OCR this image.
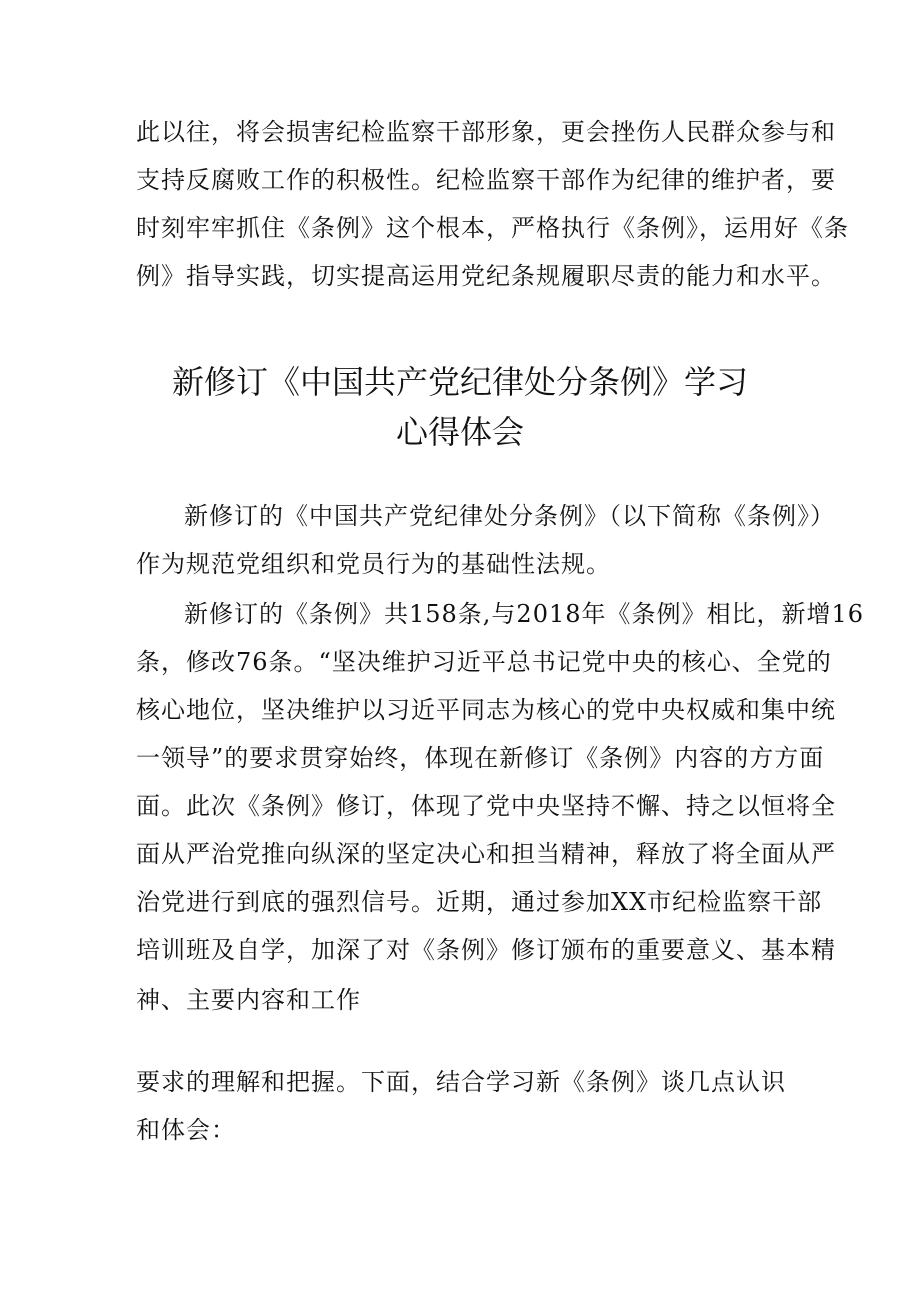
此以往，将会损害纪检监察干部形象，更会挫伤人民群众参与和
支持反腐败工作的积极性。纪检监察干部作为纪律的维护者，要
时刻牢牢抓住《条例》这个根本，严格执行《条例》，运用好《条
例》指导实践，切实提高运用党纪条规履职尽责的能力和水平。
新修订《中国共产党纪律处分条例》学习
心得体会
新修订的《中国共产党纪律处分条例》（以下简称《条例》）
作为规范党组织和党员行为的基础性法规。
新修订的《条例》共158条,与2018年《条例》相比，新增16
条，修改76条。“坚决维护习近平总书记党中央的核心、全党的
核心地位，坚决维护以习近平同志为核心的党中央权威和集中统
一领导”的要求贯穿始终，体现在新修订《条例》内容的方方面
面。此次《条例》修订，体现了党中央坚持不懈、持之以恒将全
面从严治党推向纵深的坚定决心和担当精神，释放了将全面从严
治党进行到底的强烈信号。近期，通过参加XX市纪检监察干部
培训班及自学，加深了对《条例》修订颁布的重要意义、基本精
神、主要内容和工作
要求的理解和把握。下面，结合学习新《条例》谈几点认识
和体会：
